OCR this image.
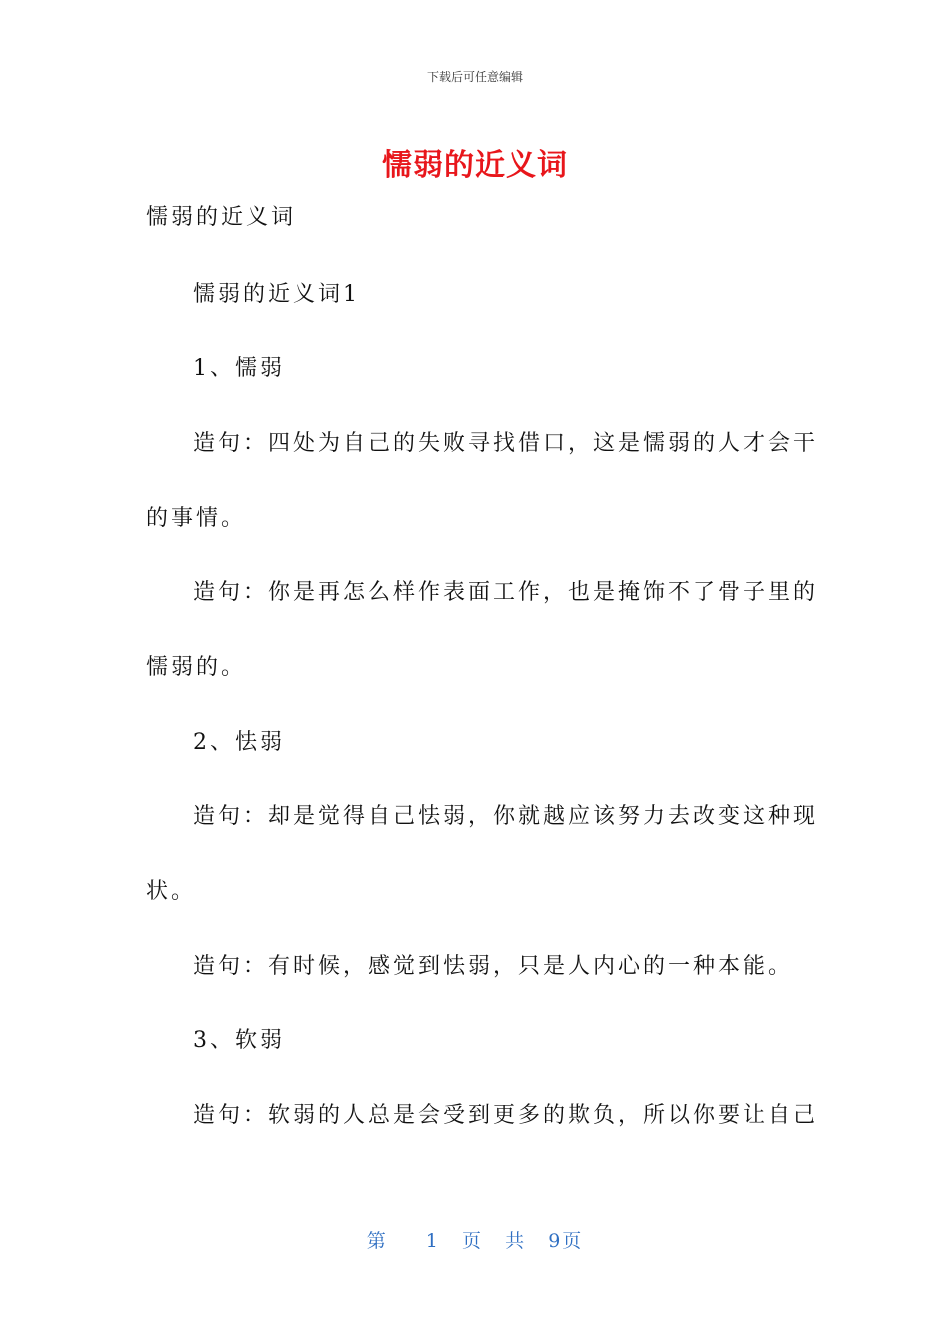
下载后可任意编辑
懦弱的近义词
懦弱的近义词
懦弱的近义词1
1、懦弱
造句：四处为自己的失败寻找借口，这是懦弱的人才会干
的事情。
造句：你是再怎么样作表面工作，也是掩饰不了骨子里的
懦弱的。
2、怯弱
造句：却是觉得自己怯弱，你就越应该努力去改变这种现
状。
造句：有时候，感觉到怯弱，只是人内心的一种本能。
3、软弱
造句：软弱的人总是会受到更多的欺负，所以你要让自己
第 1 页 共 9页
